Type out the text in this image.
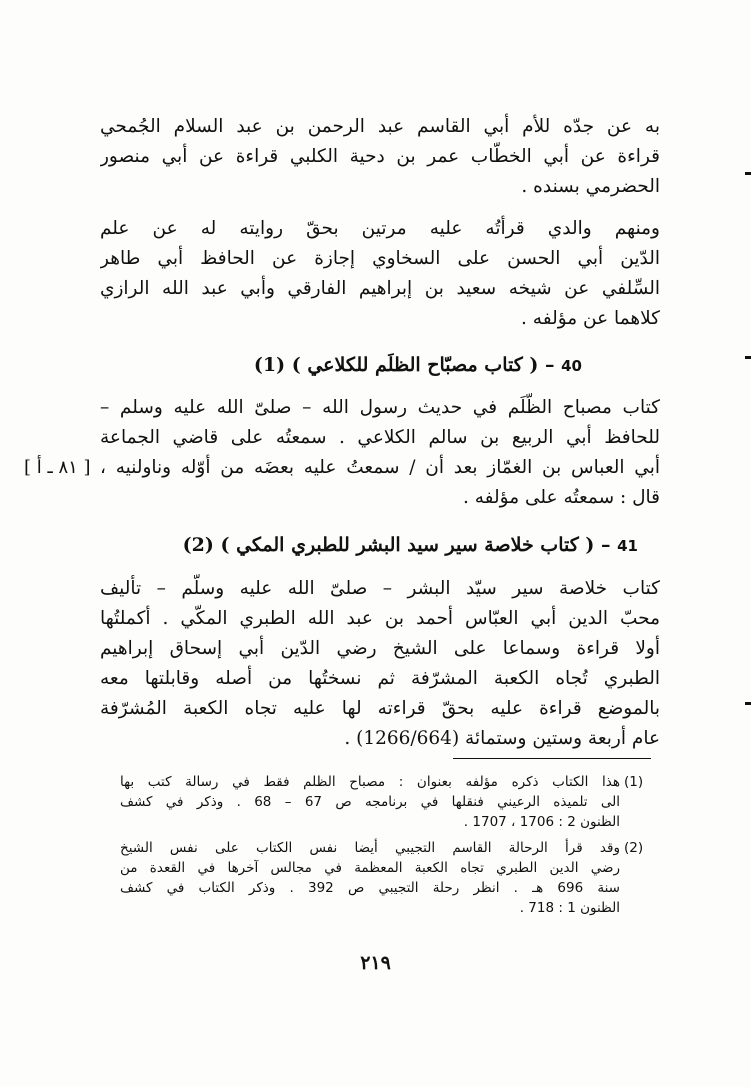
به عن جدّه للأم أبي القاسم عبد الرحمن بن عبد السلام الجُمحي
قراءة عن أبي الخطّاب عمر بن دحية الكلبي قراءة عن أبي منصور
الحضرمي بسنده .
ومنهم والدي قرأتُه عليه مرتين بحقّ روايته له عن علم
الدّين أبي الحسن على السخاوي إجازة عن الحافظ أبي طاهر
السِّلفي عن شيخه سعيد بن إبراهيم الفارقي وأبي عبد الله الرازي
كلاهما عن مؤلفه .
40 – ( كتاب مصبّاح الظلَم للكلاعي ) (1)
كتاب مصباح الظُّلَم في حديث رسول الله – صلىّ الله عليه وسلم –
للحافظ أبي الربيع بن سالم الكلاعي . سمعتُه على قاضي الجماعة
أبي العباس بن الغمّاز بعد أن / سمعتُ عليه بعضَه من أوّله وناولنيه ،
قال : سمعتُه على مؤلفه .
[ ٨١ ـ أ ]
41 – ( كتاب خلاصة سير سيد البشر للطبري المكي ) (2)
كتاب خلاصة سير سيّد البشر – صلىّ الله عليه وسلّم – تأليف
محبّ الدين أبي العبّاس أحمد بن عبد الله الطبري المكّي . أكملتُها
أولا قراءة وسماعا على الشيخ رضي الدّين أبي إسحاق إبراهيم
الطبري تُجاه الكعبة المشرّفة ثم نسختُها من أصله وقابلتها معه
بالموضع قراءة عليه بحقّ قراءته لها عليه تجاه الكعبة المُشرّفة
عام أربعة وستين وستمائة (1266/664) .
(1)
هذا الكتاب ذكره مؤلفه بعنوان : مصباح الظلم فقط في رسالة كتب بها
الى تلميذه الرعيني فنقلها في برنامجه ص 67 – 68 . وذكر في كشف
الظنون 2 : 1706 ، 1707 .
(2)
وقد قرأ الرحالة القاسم التجيبي أيضا نفس الكتاب على نفس الشيخ
رضي الدين الطبري تجاه الكعبة المعظمة في مجالس آخرها في القعدة من
سنة 696 هـ . انظر رحلة التجيبي ص 392 . وذكر الكتاب في كشف
الظنون 1 : 718 .
٢١٩
